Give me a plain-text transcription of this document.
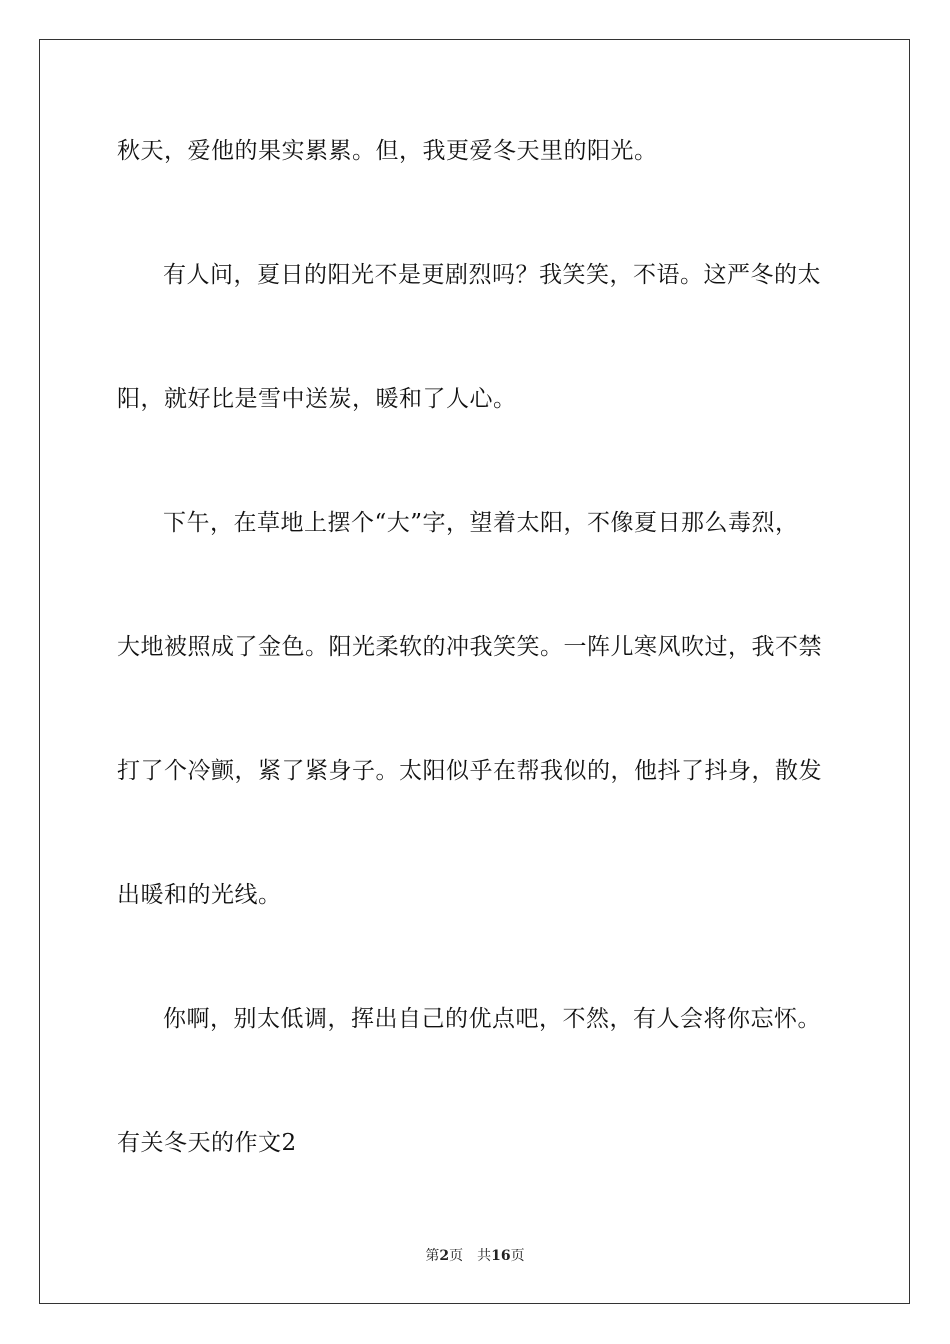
秋天，爱他的果实累累。但，我更爱冬天里的阳光。
有人问，夏日的阳光不是更剧烈吗？我笑笑，不语。这严冬的太
阳，就好比是雪中送炭，暖和了人心。
下午，在草地上摆个“大”字，望着太阳，不像夏日那么毒烈，
大地被照成了金色。阳光柔软的冲我笑笑。一阵儿寒风吹过，我不禁
打了个冷颤，紧了紧身子。太阳似乎在帮我似的，他抖了抖身，散发
出暖和的光线。
你啊，别太低调，挥出自己的优点吧，不然，有人会将你忘怀。
有关冬天的作文2
第2页 共16页
